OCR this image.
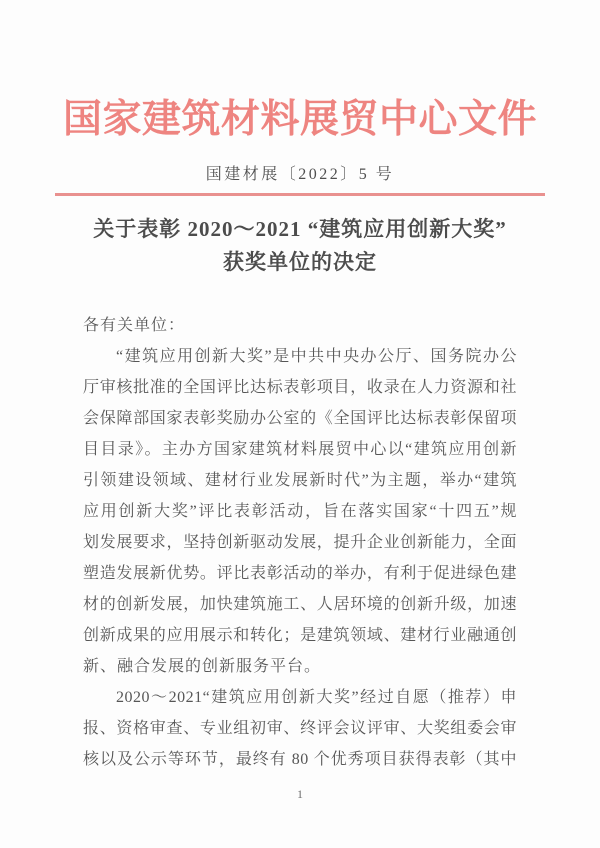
国家建筑材料展贸中心文件
国建材展〔2022〕5 号
关于表彰 2020～2021 “建筑应用创新大奖”
获奖单位的决定
各有关单位：
“建筑应用创新大奖”是中共中央办公厅、国务院办公
厅审核批准的全国评比达标表彰项目，收录在人力资源和社
会保障部国家表彰奖励办公室的《全国评比达标表彰保留项
目目录》。主办方国家建筑材料展贸中心以“建筑应用创新
引领建设领域、建材行业发展新时代”为主题，举办“建筑
应用创新大奖”评比表彰活动，旨在落实国家“十四五”规
划发展要求，坚持创新驱动发展，提升企业创新能力，全面
塑造发展新优势。评比表彰活动的举办，有利于促进绿色建
材的创新发展，加快建筑施工、人居环境的创新升级，加速
创新成果的应用展示和转化；是建筑领域、建材行业融通创
新、融合发展的创新服务平台。
2020～2021“建筑应用创新大奖”经过自愿（推荐）申
报、资格审查、专业组初审、终评会议评审、大奖组委会审
核以及公示等环节，最终有 80 个优秀项目获得表彰（其中
1
